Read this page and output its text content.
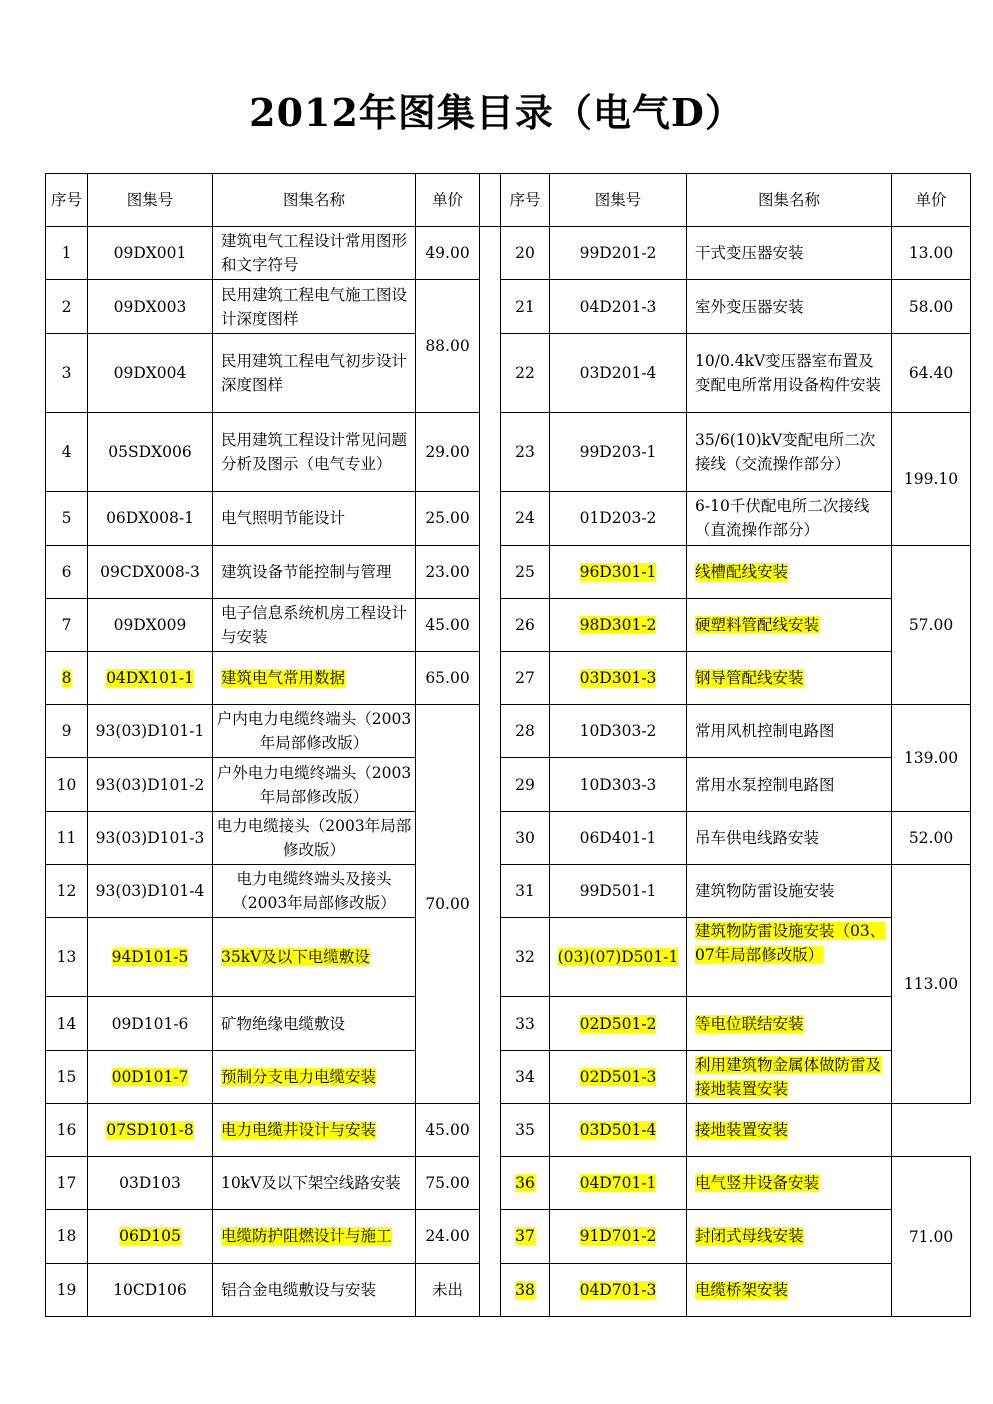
2012年图集目录（电气D）
序号	图集号	图集名称	单价		序号	图集号	图集名称	单价
1	09DX001	建筑电气工程设计常用图形和文字符号	49.00		20	99D201-2	干式变压器安装	13.00
2	09DX003	民用建筑工程电气施工图设计深度图样	88.00		21	04D201-3	室外变压器安装	58.00
3	09DX004	民用建筑工程电气初步设计深度图样			22	03D201-4	10/0.4kV变压器室布置及变配电所常用设备构件安装	64.40
4	05SDX006	民用建筑工程设计常见问题分析及图示（电气专业）	29.00		23	99D203-1	35/6(10)kV变配电所二次接线（交流操作部分）	199.10
5	06DX008-1	电气照明节能设计	25.00		24	01D203-2	6-10千伏配电所二次接线（直流操作部分）	
6	09CDX008-3	建筑设备节能控制与管理	23.00		25	96D301-1	线槽配线安装	57.00
7	09DX009	电子信息系统机房工程设计与安装	45.00		26	98D301-2	硬塑料管配线安装	
8	04DX101-1	建筑电气常用数据	65.00		27	03D301-3	钢导管配线安装	
9	93(03)D101-1	户内电力电缆终端头（2003年局部修改版）	70.00		28	10D303-2	常用风机控制电路图	139.00
10	93(03)D101-2	户外电力电缆终端头（2003年局部修改版）			29	10D303-3	常用水泵控制电路图	
11	93(03)D101-3	电力电缆接头（2003年局部修改版）			30	06D401-1	吊车供电线路安装	52.00
12	93(03)D101-4	电力电缆终端头及接头（2003年局部修改版）			31	99D501-1	建筑物防雷设施安装	113.00
13	94D101-5	35kV及以下电缆敷设			32	(03)(07)D501-1	建筑物防雷设施安装（03、07年局部修改版）	
14	09D101-6	矿物绝缘电缆敷设			33	02D501-2	等电位联结安装	
15	00D101-7	预制分支电力电缆安装			34	02D501-3	利用建筑物金属体做防雷及接地装置安装	
16	07SD101-8	电力电缆井设计与安装	45.00		35	03D501-4	接地装置安装	
17	03D103	10kV及以下架空线路安装	75.00		36	04D701-1	电气竖井设备安装	71.00
18	06D105	电缆防护阻燃设计与施工	24.00		37	91D701-2	封闭式母线安装	
19	10CD106	铝合金电缆敷设与安装	未出		38	04D701-3	电缆桥架安装	
